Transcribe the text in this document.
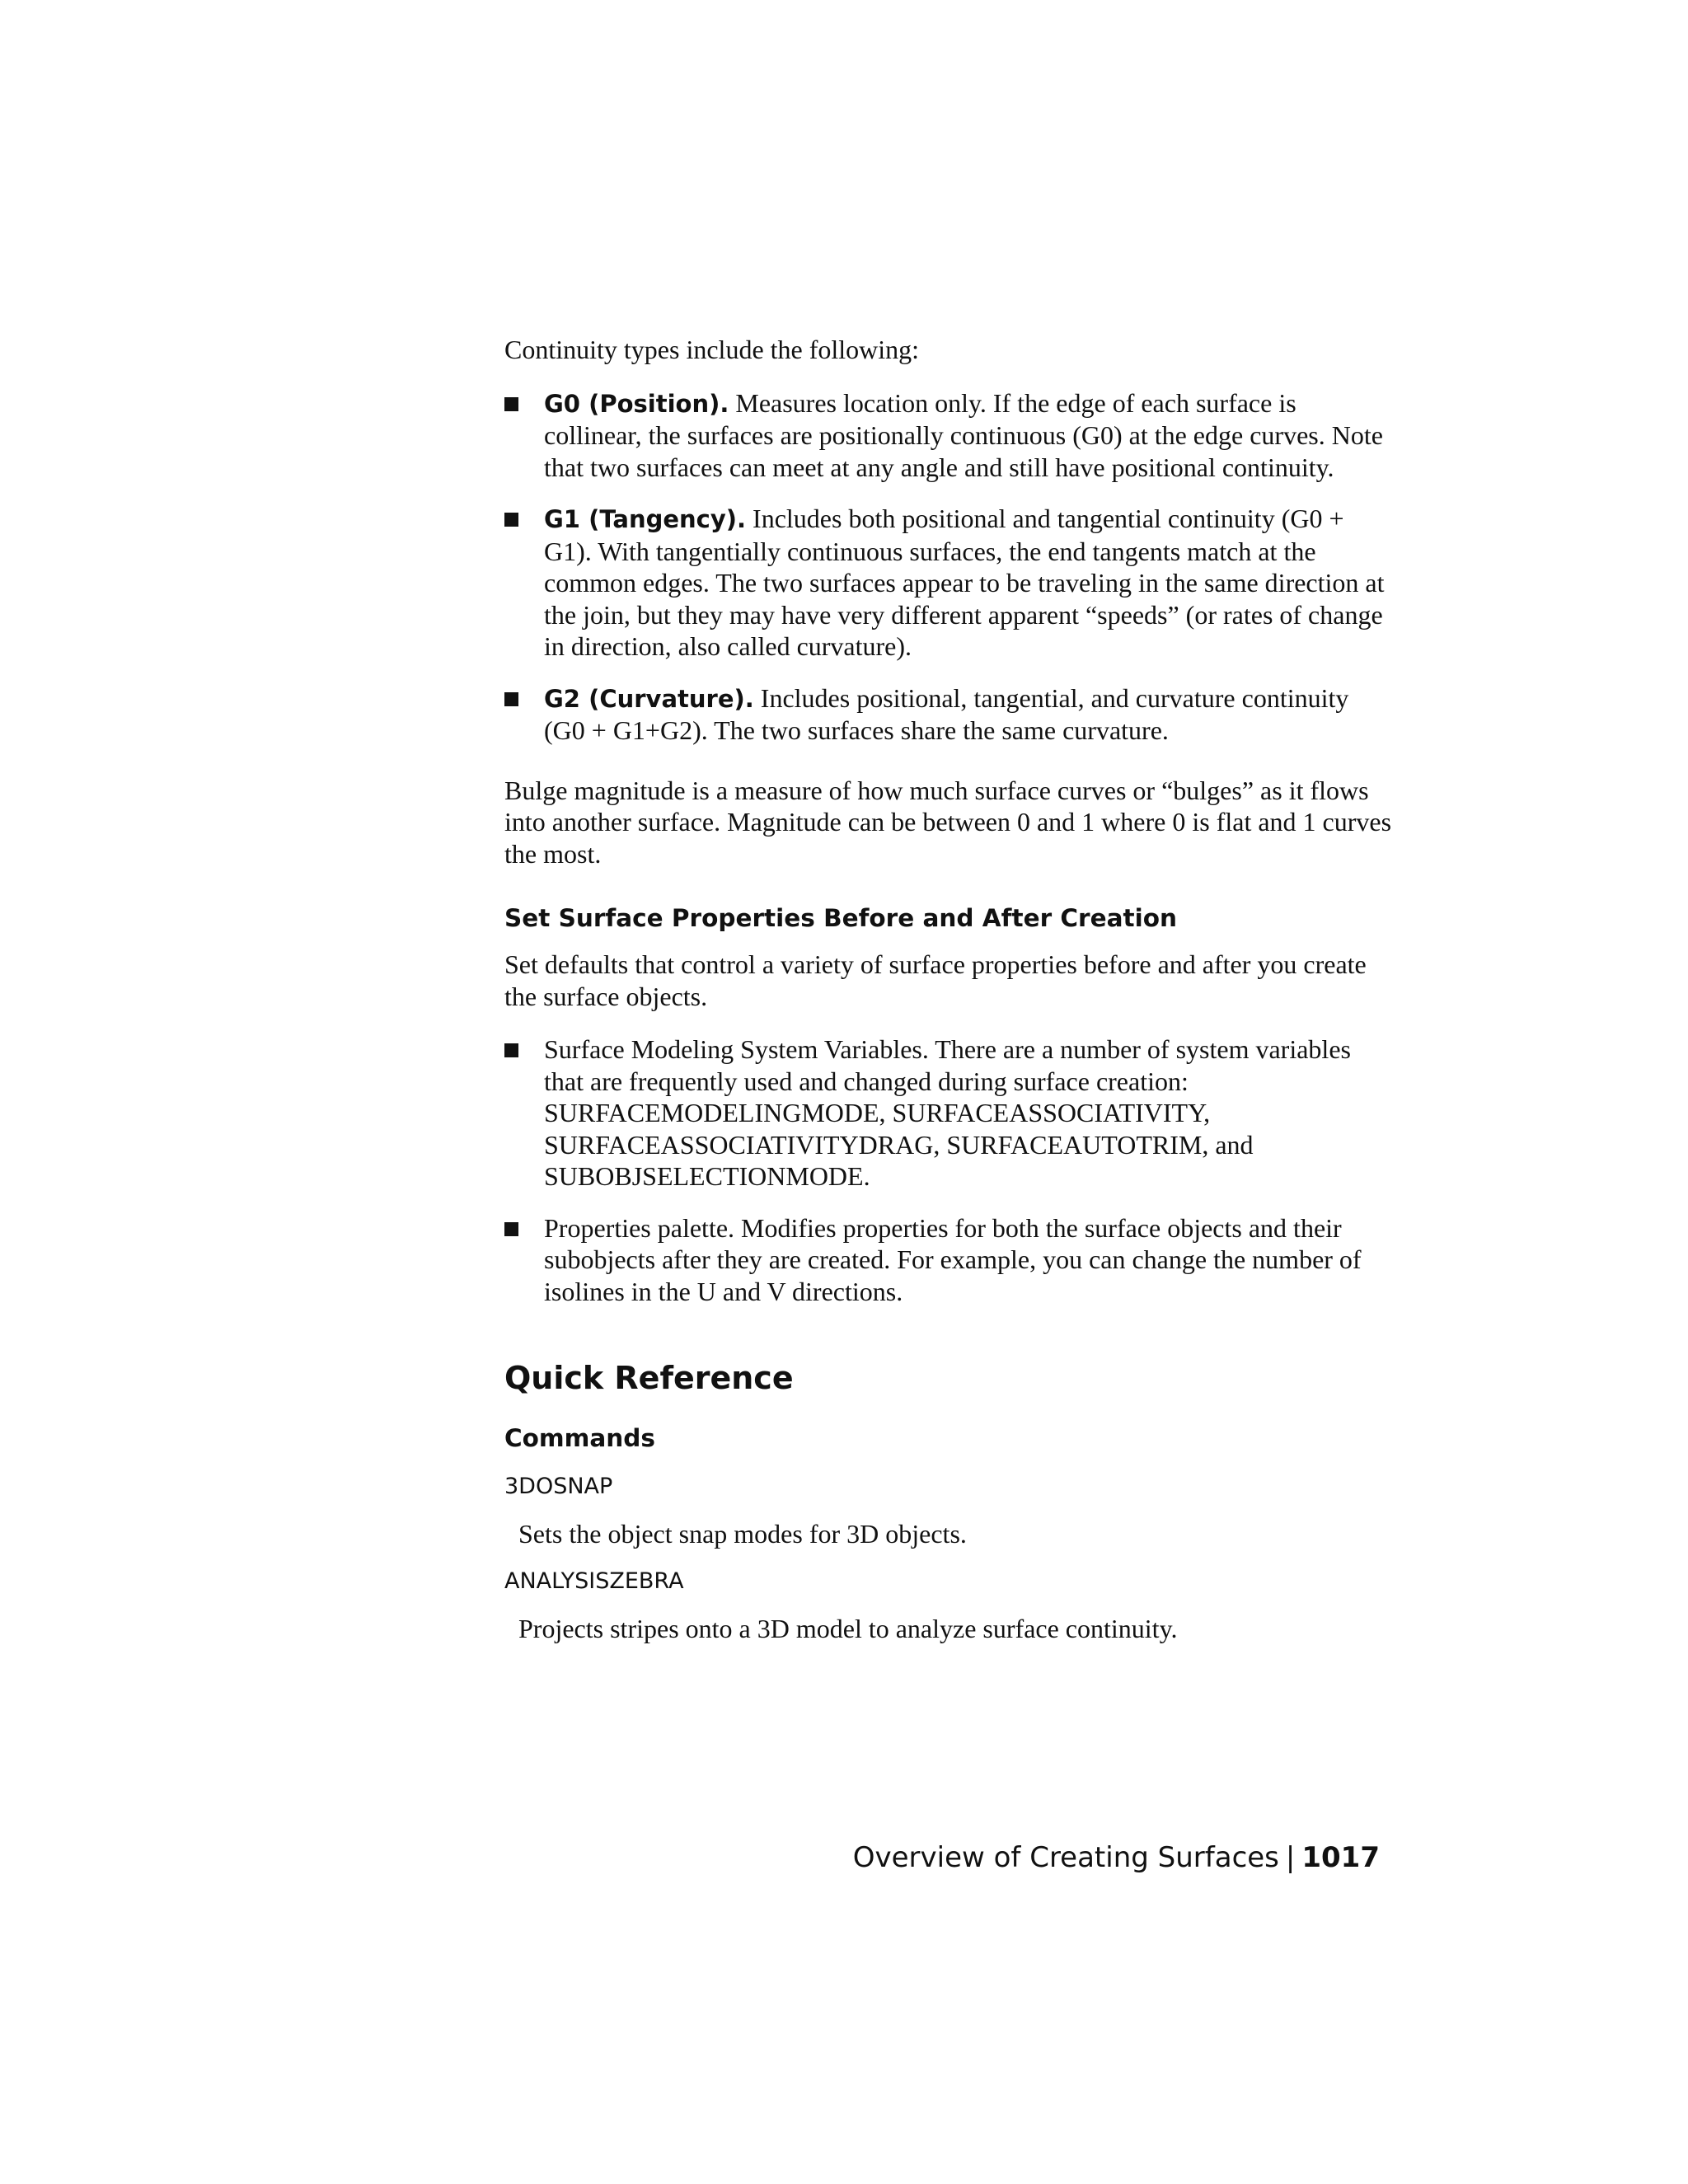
Continuity types include the following:

G0 (Position). Measures location only. If the edge of each surface is collinear, the surfaces are positionally continuous (G0) at the edge curves. Note that two surfaces can meet at any angle and still have positional continuity.
G1 (Tangency). Includes both positional and tangential continuity (G0 + G1). With tangentially continuous surfaces, the end tangents match at the common edges. The two surfaces appear to be traveling in the same direction at the join, but they may have very different apparent “speeds” (or rates of change in direction, also called curvature).
G2 (Curvature). Includes positional, tangential, and curvature continuity (G0 + G1+G2). The two surfaces share the same curvature.

Bulge magnitude is a measure of how much surface curves or “bulges” as it flows into another surface. Magnitude can be between 0 and 1 where 0 is flat and 1 curves the most.

Set Surface Properties Before and After Creation

Set defaults that control a variety of surface properties before and after you create the surface objects.

Surface Modeling System Variables. There are a number of system variables that are frequently used and changed during surface creation: SURFACEMODELINGMODE, SURFACEASSOCIATIVITY, SURFACEASSOCIATIVITYDRAG, SURFACEAUTOTRIM, and SUBOBJSELECTIONMODE.
Properties palette. Modifies properties for both the surface objects and their subobjects after they are created. For example, you can change the number of isolines in the U and V directions.
Quick Reference
Commands
3DOSNAP

Sets the object snap modes for 3D objects.

ANALYSISZEBRA

Projects stripes onto a 3D model to analyze surface continuity.

Overview of Creating Surfaces | 1017
